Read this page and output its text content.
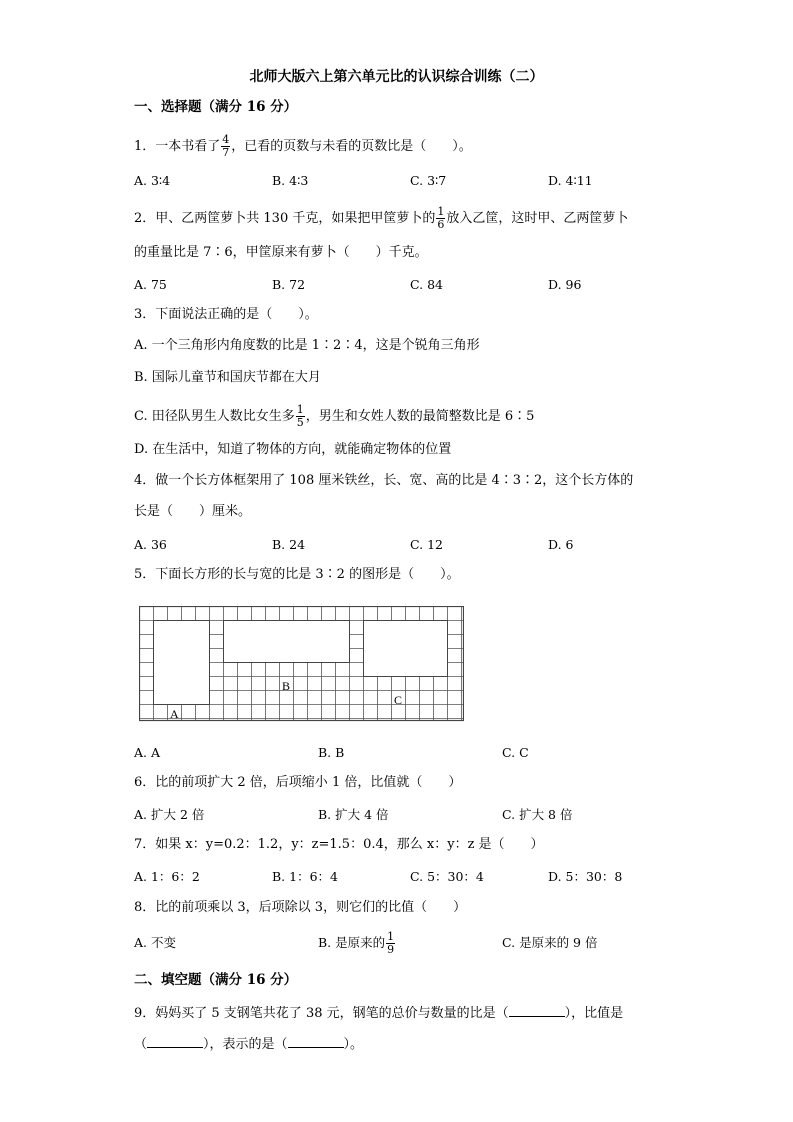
北师大版六上第六单元比的认识综合训练（二）
一、选择题（满分 16 分）
1．一本书看了 $\frac{4}{7}$ ，已看的页数与未看的页数比是（　　）。
A. 3∶4	B. 4∶3	C. 3∶7	D. 4∶11
2．甲、乙两筐萝卜共 130 千克，如果把甲筐萝卜的 $\frac{1}{6}$ 放入乙筐，这时甲、乙两筐萝卜
的重量比是 7∶6，甲筐原来有萝卜（　　）千克。
A. 75	B. 72	C. 84	D. 96
3．下面说法正确的是（　　）。
A. 一个三角形内角度数的比是 1∶2∶4，这是个锐角三角形
B. 国际儿童节和国庆节都在大月
C. 田径队男生人数比女生多 $\frac{1}{5}$ ，男生和女姓人数的最简整数比是 6∶5
D. 在生活中，知道了物体的方向，就能确定物体的位置
4．做一个长方体框架用了 108 厘米铁丝，长、宽、高的比是 4∶3∶2，这个长方体的
长是（　　）厘米。
A. 36	B. 24	C. 12	D. 6
5．下面长方形的长与宽的比是 3∶2 的图形是（　　）。
A
B
C
A. A	B. B	C. C
6．比的前项扩大 2 倍，后项缩小 1 倍，比值就（　　）
A. 扩大 2 倍	B. 扩大 4 倍	C. 扩大 8 倍
7．如果 x：y=0.2：1.2，y：z=1.5：0.4，那么 x：y：z 是（　　）
A. 1：6：2	B. 1：6：4	C. 5：30：4	D. 5：30：8
8．比的前项乘以 3，后项除以 3，则它们的比值（　　）
A. 不变	B. 是原来的 $\frac{1}{9}$	C. 是原来的 9 倍
二、填空题（满分 16 分）
9．妈妈买了 5 支钢笔共花了 38 元，钢笔的总价与数量的比是（	），比值是
（	），表示的是（	）。
